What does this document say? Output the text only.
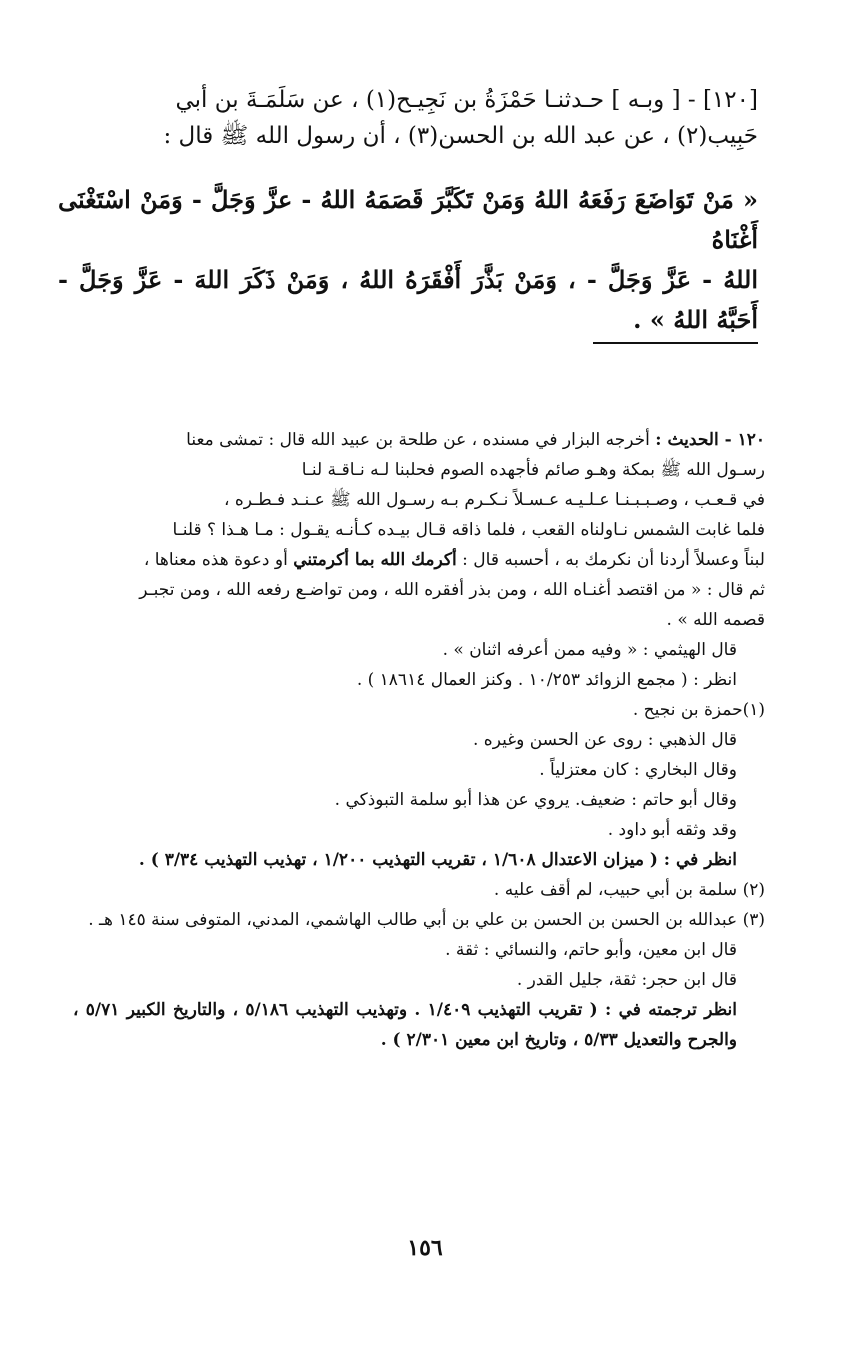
[١٢٠] - [ وبـه ] حـدثنـا حَمْزَةُ بن نَجِيـح(١) ، عن سَلَمَـةَ بن أبي

حَبِيب(٢) ، عن عبد الله بن الحسن(٣) ، أن رسول الله ﷺ قال :

« مَنْ تَوَاضَعَ رَفَعَهُ اللهُ وَمَنْ تَكَبَّرَ قَصَمَهُ اللهُ - عزَّ وَجَلَّ - وَمَنْ اسْتَغْنَى أَغْنَاهُ

اللهُ - عَزَّ وَجَلَّ - ، وَمَنْ بَذَّرَ أَفْقَرَهُ اللهُ ، وَمَنْ ذَكَرَ اللهَ - عَزَّ وَجَلَّ - أَحَبَّهُ اللهُ » .

١٢٠ - الحديث : أخرجه البزار في مسنده ، عن طلحة بن عبيد الله قال : تمشى معنا

رسـول الله ﷺ بمكة وهـو صائم فأجهده الصوم فحلبنا لـه نـاقـة لنـا

في قـعـب ، وصـبـبـنـا عـلـيـه عـسـلاً نـكـرم بـه رسـول الله ﷺ عـنـد فـطـره ،

فلما غابت الشمس نـاولناه القعب ، فلما ذاقه قـال بيـده كـأنـه يقـول : مـا هـذا ؟ قلنـا

لبناً وعسلاً أردنا أن نكرمك به ، أحسبه قال : أكرمك الله بما أكرمتني أو دعوة هذه معناها ،

ثم قال : « من اقتصد أغنـاه الله ، ومن بذر أفقره الله ، ومن تواضـع رفعه الله ، ومن تجبـر

قصمه الله » .

قال الهيثمي : « وفيه ممن أعرفه اثنان » .

انظر : ( مجمع الزوائد ١٠/٢٥٣ . وكنز العمال ١٨٦١٤ ) .

(١)حمزة بن نجيح .

قال الذهبي : روى عن الحسن وغيره .

وقال البخاري : كان معتزلياً .

وقال أبو حاتم : ضعيف. يروي عن هذا أبو سلمة التبوذكي .

وقد وثقه أبو داود .

انظر في : ( ميزان الاعتدال ١/٦٠٨ ، تقريب التهذيب ١/٢٠٠ ، تهذيب التهذيب ٣/٣٤ ) .

(٢) سلمة بن أبي حبيب، لم أقف عليه .

(٣) عبدالله بن الحسن بن الحسن بن علي بن أبي طالب الهاشمي، المدني، المتوفى سنة ١٤٥ هـ .

قال ابن معين، وأبو حاتم، والنسائي : ثقة .

قال ابن حجر: ثقة، جليل القدر .

انظر ترجمته في : ( تقريب التهذيب ١/٤٠٩ . وتهذيب التهذيب ٥/١٨٦ ، والتاريخ الكبير ٥/٧١ ، والجرح والتعديل ٥/٣٣ ، وتاريخ ابن معين ٢/٣٠١ ) .

١٥٦
